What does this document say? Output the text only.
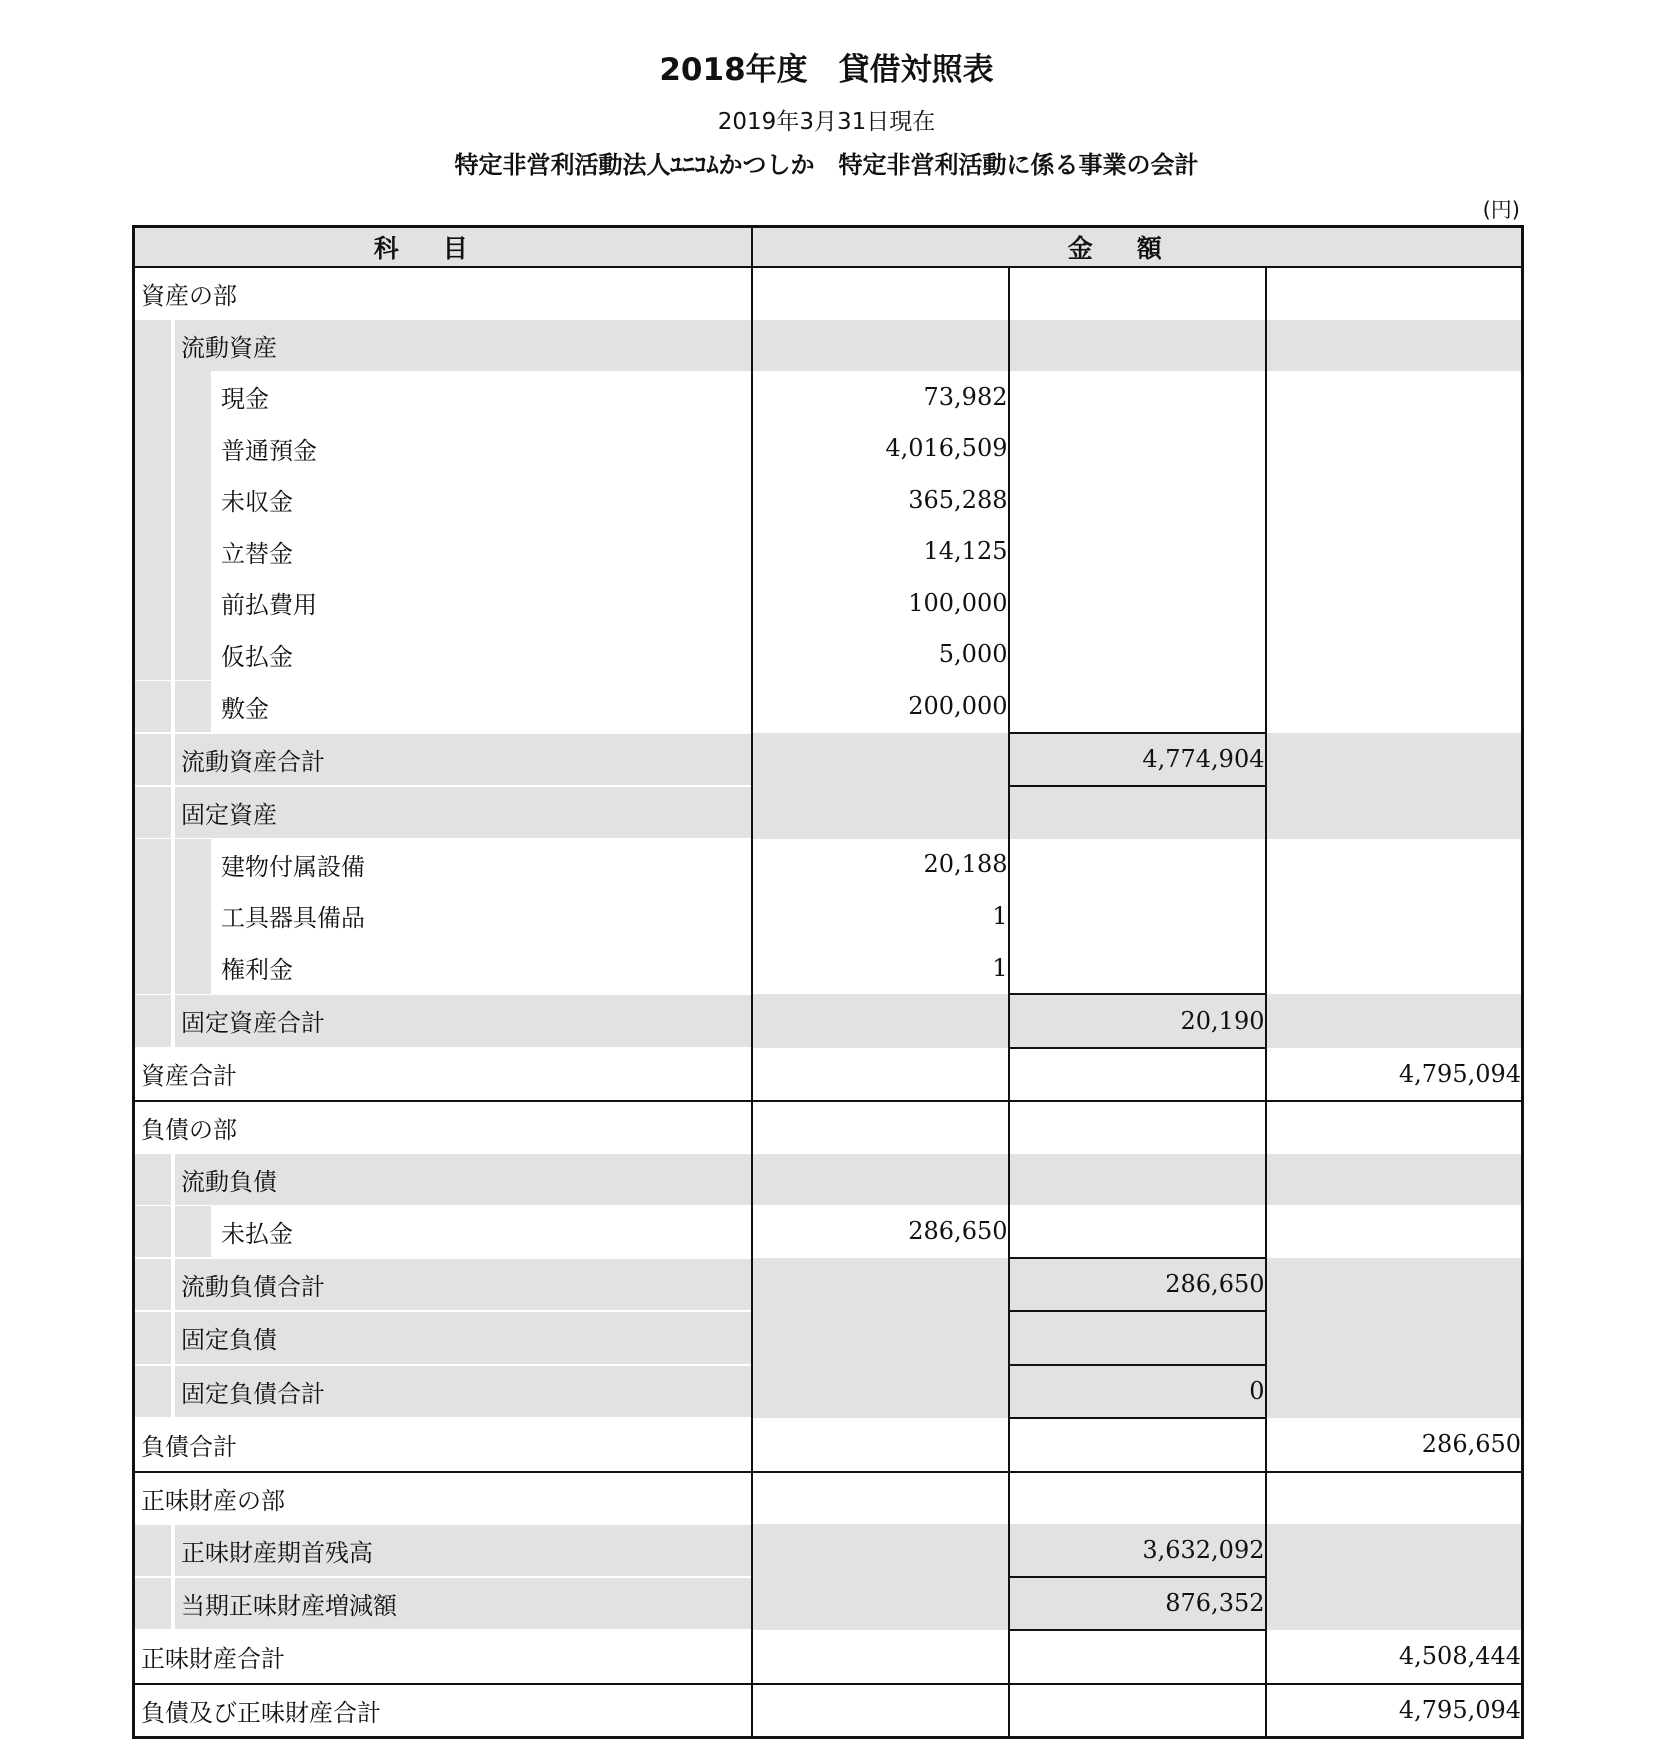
2018年度　貸借対照表
2019年3月31日現在
特定非営利活動法人ﾕﾆｺﾑかつしか　特定非営利活動に係る事業の会計
(円)
科目	金額		

資産の部			

流動資産			

現金	73,982		

普通預金	4,016,509		

未収金	365,288		

立替金	14,125		

前払費用	100,000		

仮払金	5,000		

敷金	200,000		

流動資産合計		4,774,904	

固定資産			

建物付属設備	20,188		

工具器具備品	1		

権利金	1		

固定資産合計		20,190	

資産合計			4,795,094

負債の部			

流動負債			

未払金	286,650		

流動負債合計		286,650	

固定負債			

固定負債合計		0	

負債合計			286,650

正味財産の部			

正味財産期首残高		3,632,092	

当期正味財産増減額		876,352	

正味財産合計			4,508,444

負債及び正味財産合計			4,795,094
